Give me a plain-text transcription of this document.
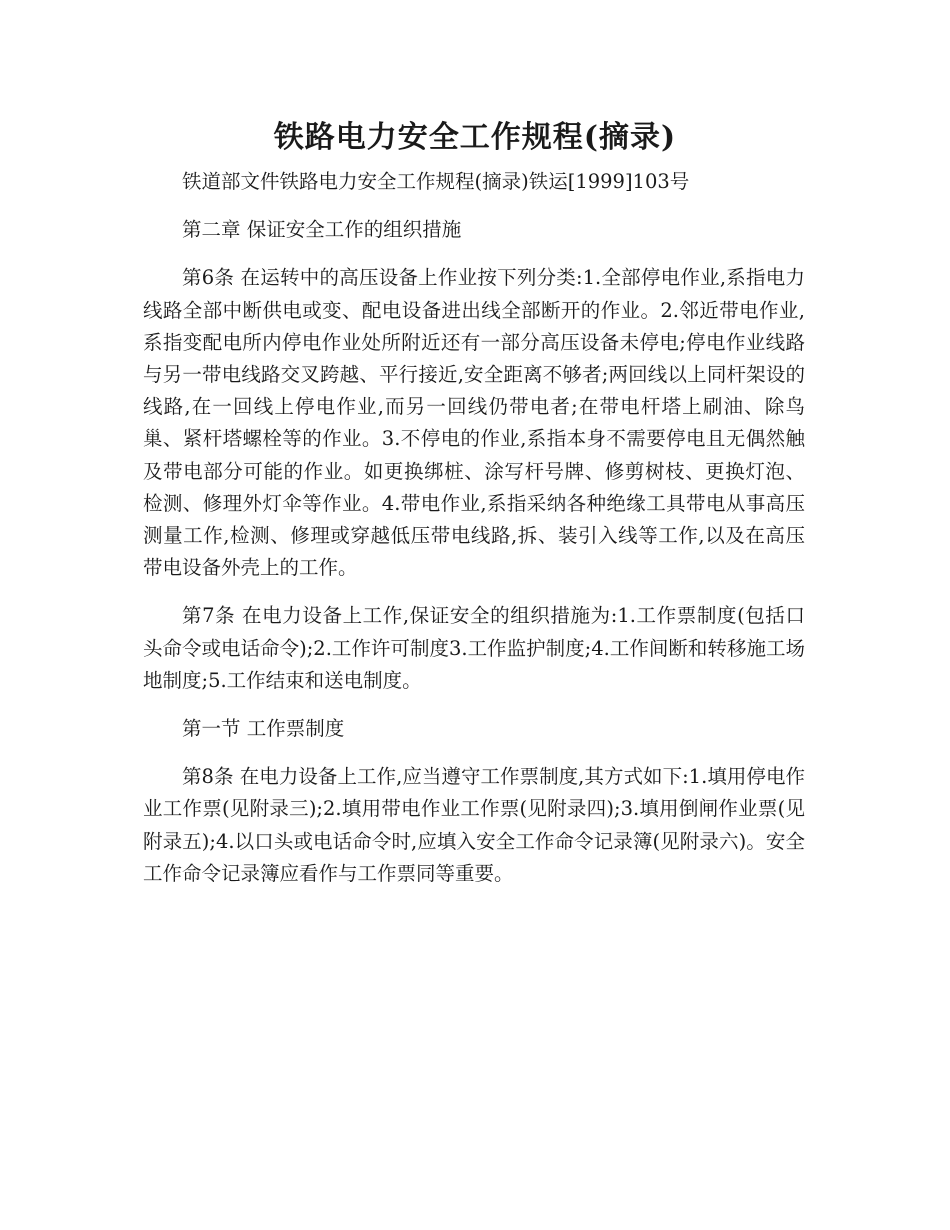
铁路电力安全工作规程(摘录)

铁道部文件铁路电力安全工作规程(摘录)铁运[1999]103号

第二章 保证安全工作的组织措施

第6条 在运转中的高压设备上作业按下列分类:1.全部停电作业,系指电力线路全部中断供电或变、配电设备进出线全部断开的作业。2.邻近带电作业,系指变配电所内停电作业处所附近还有一部分高压设备未停电;停电作业线路与另一带电线路交叉跨越、平行接近,安全距离不够者;两回线以上同杆架设的线路,在一回线上停电作业,而另一回线仍带电者;在带电杆塔上刷油、除鸟巢、紧杆塔螺栓等的作业。3.不停电的作业,系指本身不需要停电且无偶然触及带电部分可能的作业。如更换绑桩、涂写杆号牌、修剪树枝、更换灯泡、检测、修理外灯伞等作业。4.带电作业,系指采纳各种绝缘工具带电从事高压测量工作,检测、修理或穿越低压带电线路,拆、装引入线等工作,以及在高压带电设备外壳上的工作。

第7条 在电力设备上工作,保证安全的组织措施为:1.工作票制度(包括口头命令或电话命令);2.工作许可制度3.工作监护制度;4.工作间断和转移施工场地制度;5.工作结束和送电制度。

第一节 工作票制度

第8条 在电力设备上工作,应当遵守工作票制度,其方式如下:1.填用停电作业工作票(见附录三);2.填用带电作业工作票(见附录四);3.填用倒闸作业票(见附录五);4.以口头或电话命令时,应填入安全工作命令记录簿(见附录六)。安全工作命令记录簿应看作与工作票同等重要。
